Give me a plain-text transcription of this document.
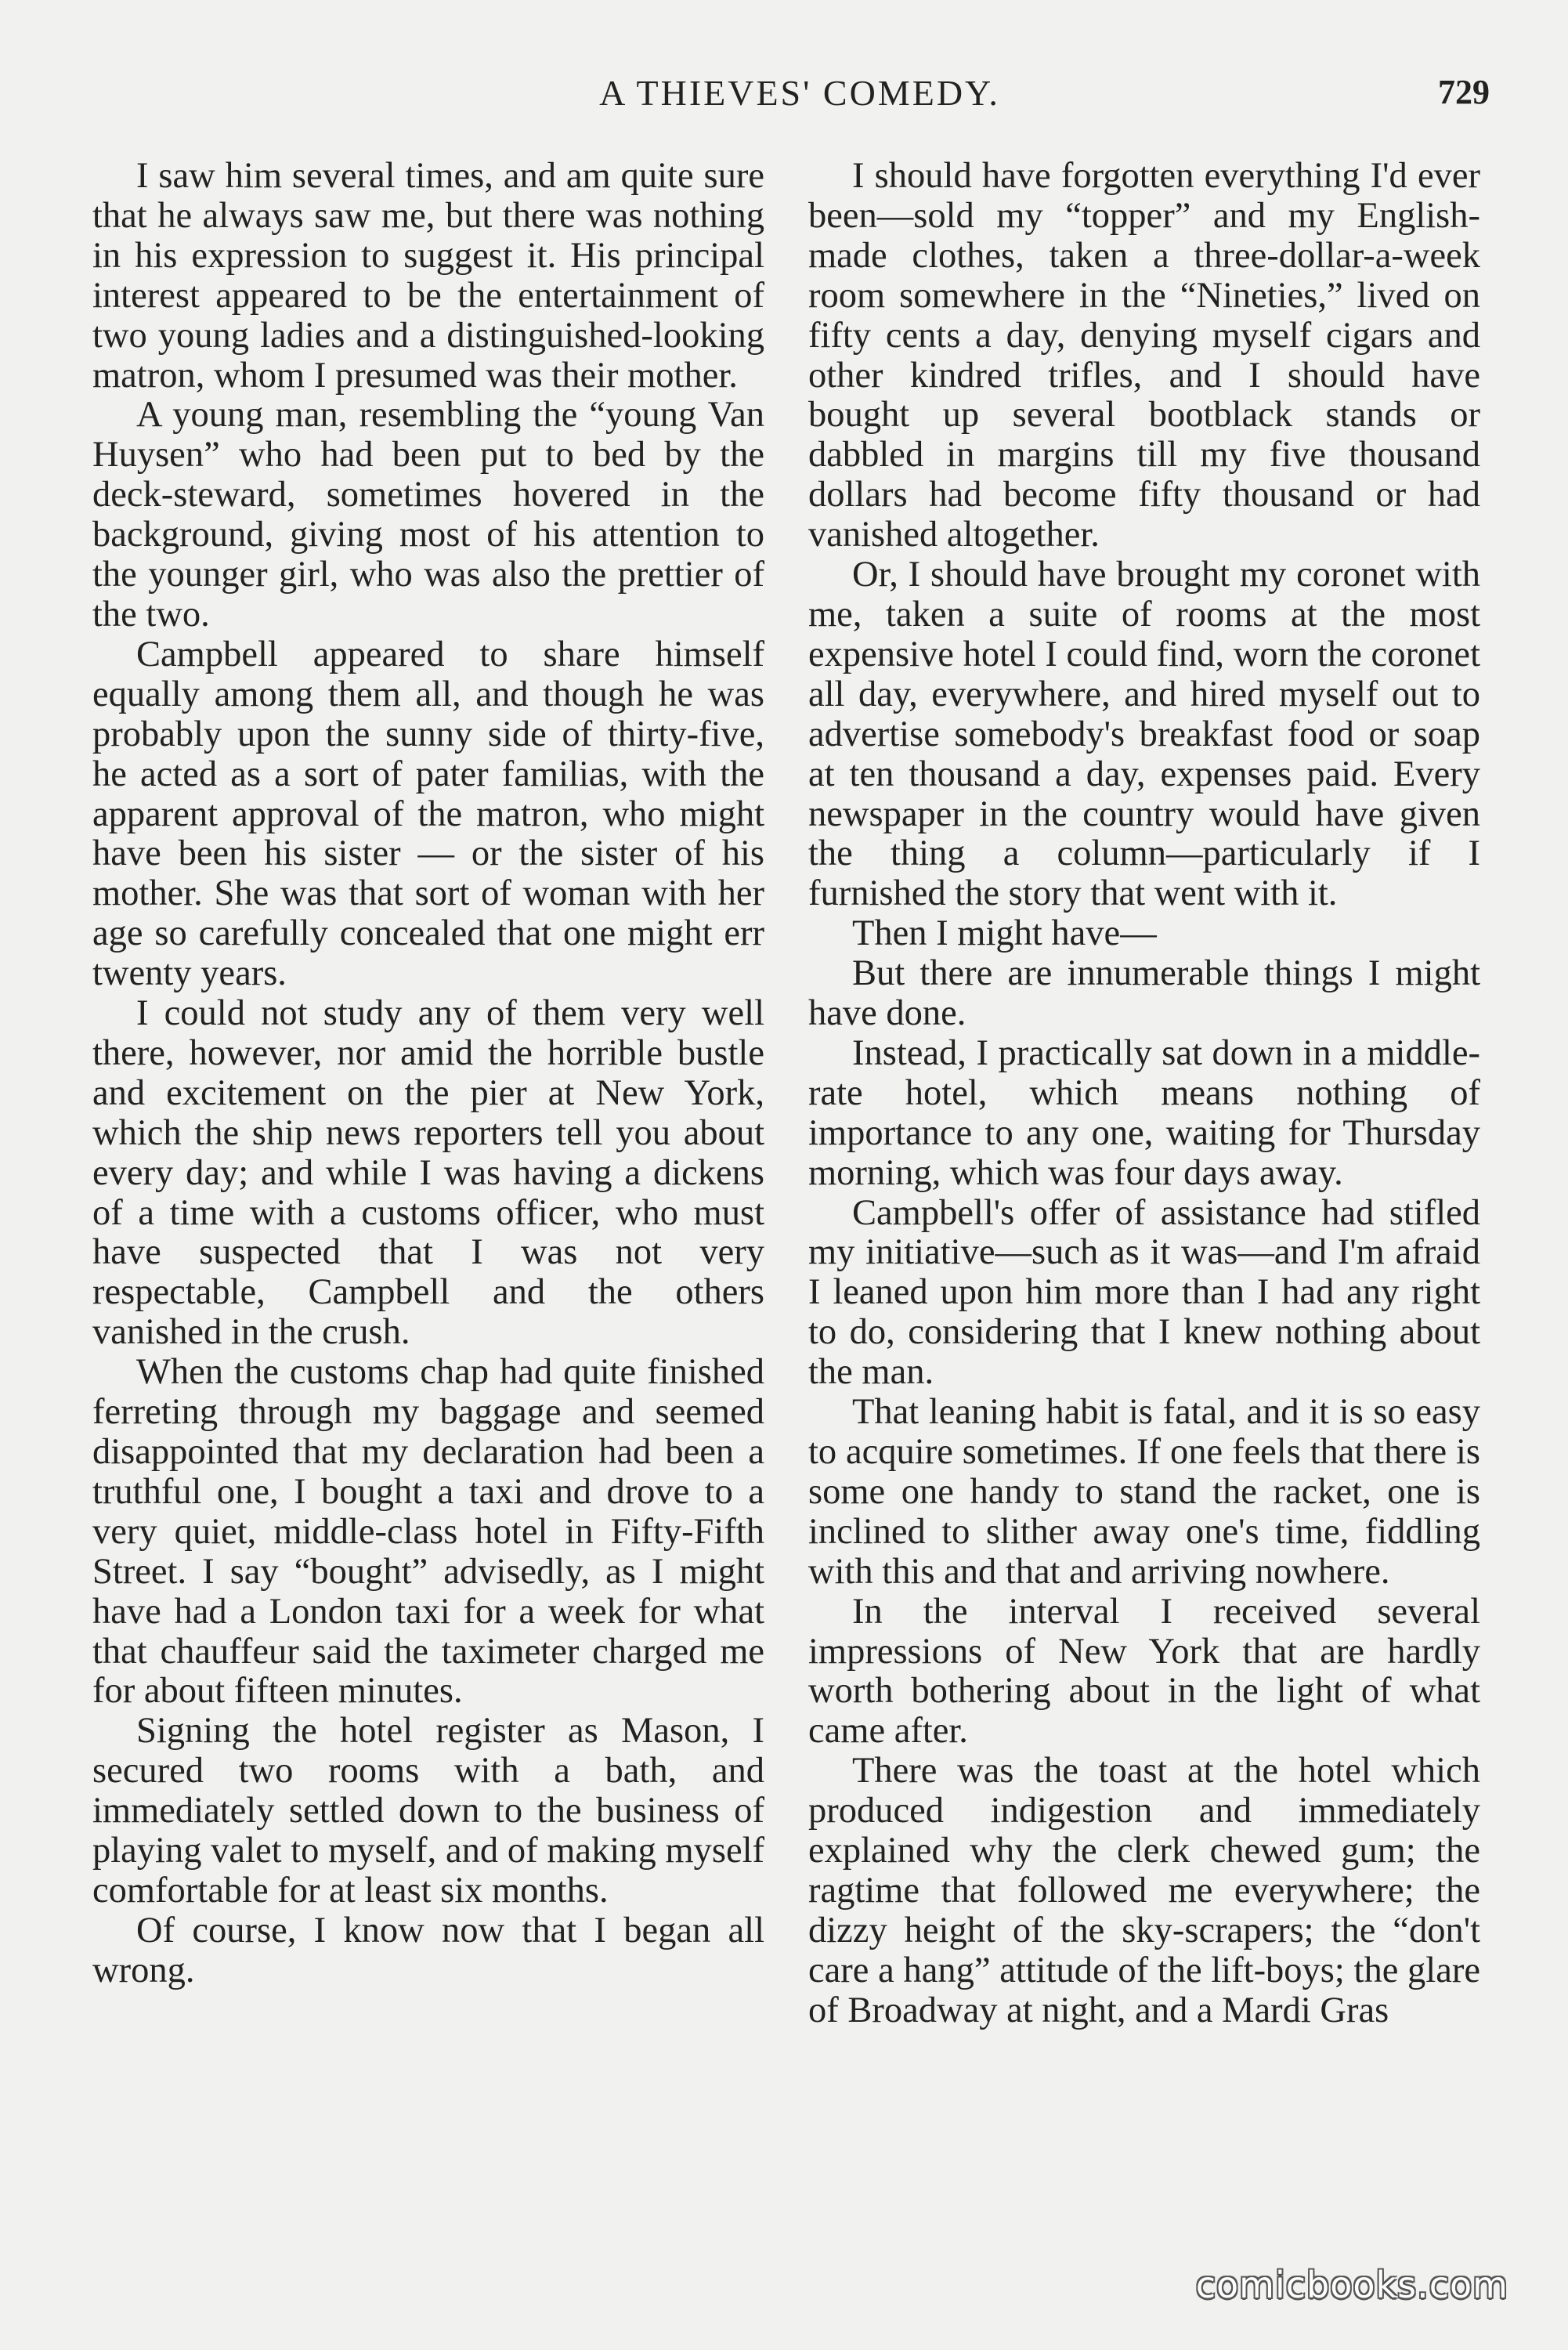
A THIEVES' COMEDY.	729

I saw him several times, and am quite sure that he always saw me, but there was nothing in his expression to suggest it. His principal interest appeared to be the entertainment of two young ladies and a distinguished-looking matron, whom I presumed was their mother.

A young man, resembling the “young Van Huysen” who had been put to bed by the deck-steward, sometimes hovered in the background, giving most of his attention to the younger girl, who was also the prettier of the two.

Campbell appeared to share himself equally among them all, and though he was probably upon the sunny side of thirty-five, he acted as a sort of pater familias, with the apparent approval of the matron, who might have been his sister — or the sister of his mother. She was that sort of woman with her age so carefully concealed that one might err twenty years.

I could not study any of them very well there, however, nor amid the horrible bustle and excitement on the pier at New York, which the ship news reporters tell you about every day; and while I was having a dickens of a time with a customs officer, who must have suspected that I was not very respectable, Campbell and the others vanished in the crush.

When the customs chap had quite finished ferreting through my baggage and seemed disappointed that my declaration had been a truthful one, I bought a taxi and drove to a very quiet, middle-class hotel in Fifty-Fifth Street. I say “bought” advisedly, as I might have had a London taxi for a week for what that chauffeur said the taximeter charged me for about fifteen minutes.

Signing the hotel register as Mason, I secured two rooms with a bath, and immediately settled down to the business of playing valet to myself, and of making myself comfortable for at least six months.

Of course, I know now that I began all wrong.

I should have forgotten everything I'd ever been—sold my “topper” and my English-made clothes, taken a three-dollar-a-week room somewhere in the “Nineties,” lived on fifty cents a day, denying myself cigars and other kindred trifles, and I should have bought up several bootblack stands or dabbled in margins till my five thousand dollars had become fifty thousand or had vanished altogether.

Or, I should have brought my coronet with me, taken a suite of rooms at the most expensive hotel I could find, worn the coronet all day, everywhere, and hired myself out to advertise somebody's breakfast food or soap at ten thousand a day, expenses paid. Every newspaper in the country would have given the thing a column—particularly if I furnished the story that went with it.

Then I might have—

But there are innumerable things I might have done.

Instead, I practically sat down in a middle-rate hotel, which means nothing of importance to any one, waiting for Thursday morning, which was four days away.

Campbell's offer of assistance had stifled my initiative—such as it was—and I'm afraid I leaned upon him more than I had any right to do, considering that I knew nothing about the man.

That leaning habit is fatal, and it is so easy to acquire sometimes. If one feels that there is some one handy to stand the racket, one is inclined to slither away one's time, fiddling with this and that and arriving nowhere.

In the interval I received several impressions of New York that are hardly worth bothering about in the light of what came after.

There was the toast at the hotel which produced indigestion and immediately explained why the clerk chewed gum; the ragtime that followed me everywhere; the dizzy height of the sky-scrapers; the “don't care a hang” attitude of the lift-boys; the glare of Broadway at night, and a Mardi Gras

comicbooks.com
